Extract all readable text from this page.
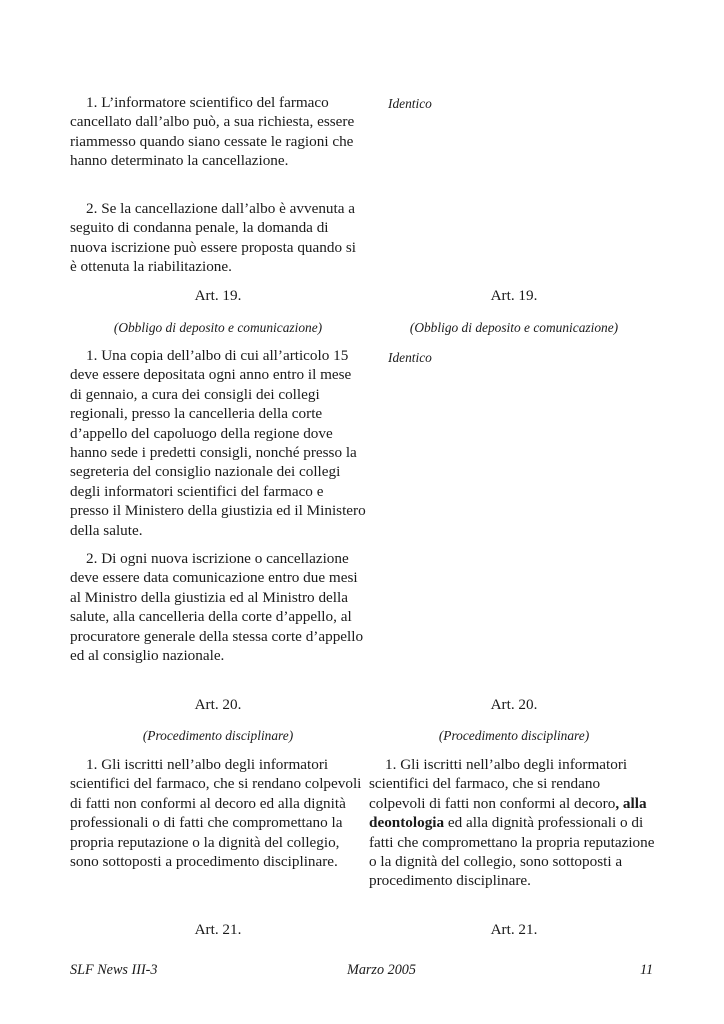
1. L’informatore scientifico del farmaco cancellato dall’albo può, a sua richiesta, essere riammesso quando siano cessate le ragioni che hanno determinato la cancellazione.

2. Se la cancellazione dall’albo è avvenuta a seguito di condanna penale, la domanda di nuova iscrizione può essere proposta quando si è ottenuta la riabilitazione.

Art. 19.

(Obbligo di deposito e comunicazione)

1. Una copia dell’albo di cui all’articolo 15 deve essere depositata ogni anno entro il mese di gennaio, a cura dei consigli dei collegi regionali, presso la cancelleria della corte d’appello del capoluogo della regione dove hanno sede i predetti consigli, nonché presso la segreteria del consiglio nazionale dei collegi degli informatori scientifici del farmaco e presso il Ministero della giustizia ed il Ministero della salute.

2. Di ogni nuova iscrizione o cancellazione deve essere data comunicazione entro due mesi al Ministro della giustizia ed al Ministro della salute, alla cancelleria della corte d’appello, al procuratore generale della stessa corte d’appello ed al consiglio nazionale.

Art. 20.

(Procedimento disciplinare)

1. Gli iscritti nell’albo degli informatori scientifici del farmaco, che si rendano colpevoli di fatti non conformi al decoro ed alla dignità professionali o di fatti che compromettano la propria reputazione o la dignità del collegio, sono sottoposti a procedimento disciplinare.

Art. 21.

Identico

Art. 19.

(Obbligo di deposito e comunicazione)

Identico

Art. 20.

(Procedimento disciplinare)

1. Gli iscritti nell’albo degli informatori scientifici del farmaco, che si rendano colpevoli di fatti non conformi al decoro, alla deontologia ed alla dignità professionali o di fatti che compromettano la propria reputazione o la dignità del collegio, sono sottoposti a procedimento disciplinare.

Art. 21.

SLF News III-3	Marzo 2005	11
